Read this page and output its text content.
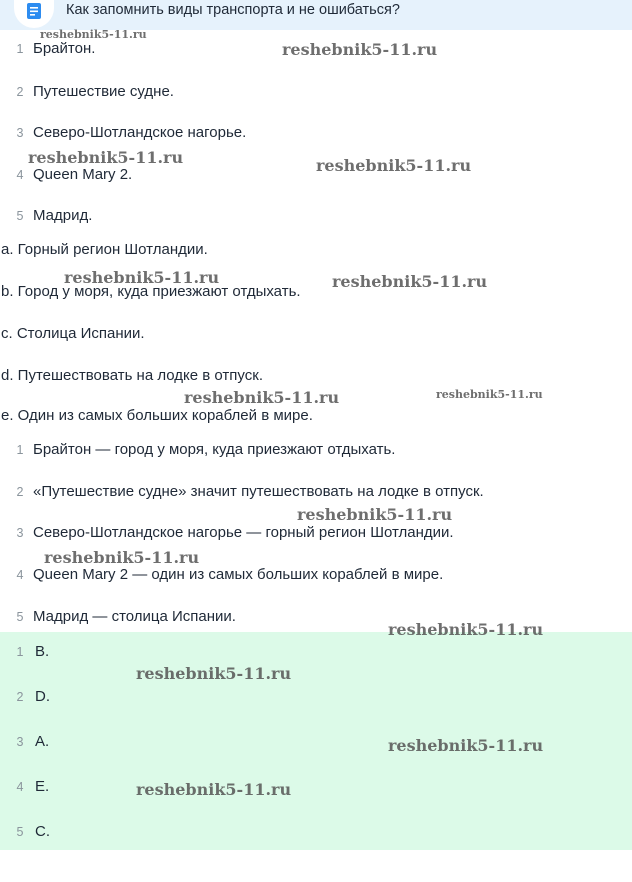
Как запомнить виды транспорта и не ошибаться?
1 Брайтон.
2 Путешествие судне.
3 Северо-Шотландское нагорье.
4 Queen Mary 2.
5 Мадрид.
a. Горный регион Шотландии.
b. Город у моря, куда приезжают отдыхать.
c. Столица Испании.
d. Путешествовать на лодке в отпуск.
e. Один из самых больших кораблей в мире.
1 Брайтон — город у моря, куда приезжают отдыхать.
2 «Путешествие судне» значит путешествовать на лодке в отпуск.
3 Северо-Шотландское нагорье — горный регион Шотландии.
4 Queen Mary 2 — один из самых больших кораблей в мире.
5 Мадрид — столица Испании.
1 B.
2 D.
3 A.
4 E.
5 C.
reshebnik5-11.ru
reshebnik5-11.ru
reshebnik5-11.ru	reshebnik5-11.ru
reshebnik5-11.ru	reshebnik5-11.ru
reshebnik5-11.ru	reshebnik5-11.ru
reshebnik5-11.ru
reshebnik5-11.ru
reshebnik5-11.ru
reshebnik5-11.ru
reshebnik5-11.ru
reshebnik5-11.ru
